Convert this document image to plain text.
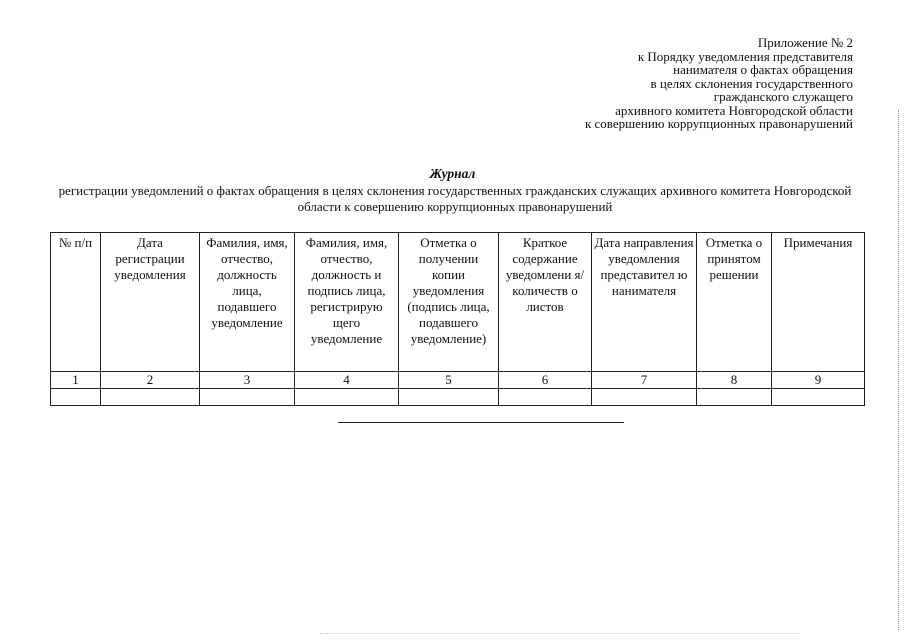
Приложение № 2
к Порядку уведомления представителя
нанимателя о фактах обращения
в целях склонения государственного
гражданского служащего
архивного комитета Новгородской области
к совершению коррупционных правонарушений
Журнал
регистрации уведомлений о фактах обращения в целях склонения государственных гражданских служащих архивного комитета Новгородской области к совершению коррупционных правонарушений
№ п/п	Дата регистрации уведомления	Фамилия, имя, отчество, должность лица, подавшего уведомление	Фамилия, имя, отчество, должность и подпись лица, регистрирую щего уведомление	Отметка о получении копии уведомления (подпись лица, подавшего уведомление)	Краткое содержание уведомлени я/количеств о листов	Дата направления уведомления представител ю нанимателя	Отметка о принятом решении	Примечания
1	2	3	4	5	6	7	8	9
